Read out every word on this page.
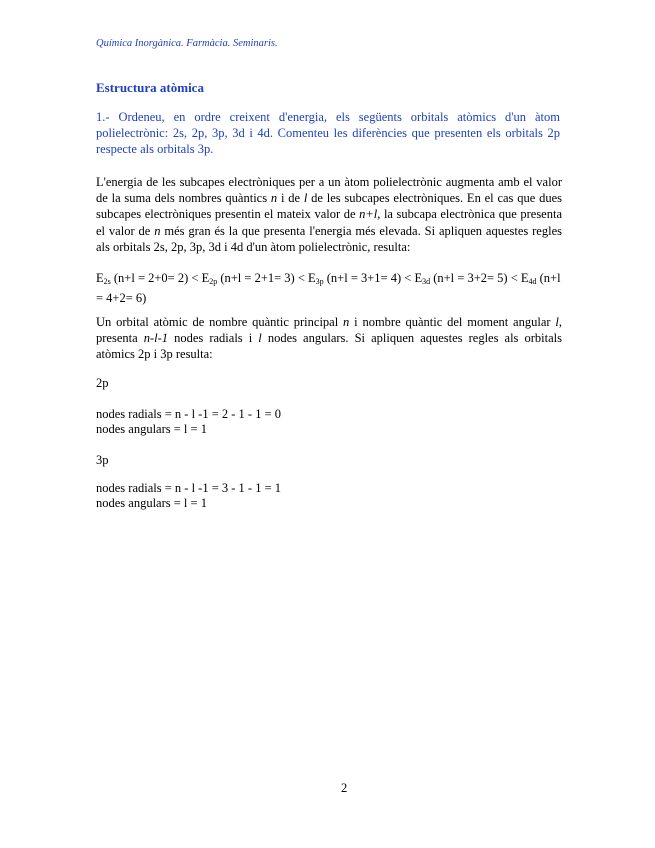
Química Inorgànica. Farmàcia. Seminaris.
Estructura atòmica
1.- Ordeneu, en ordre creixent d'energia, els següents orbitals atòmics d'un àtom polielectrònic: 2s, 2p, 3p, 3d i 4d. Comenteu les diferències que presenten els orbitals 2p respecte als orbitals 3p.
L'energia de les subcapes electròniques per a un àtom polielectrònic augmenta amb el valor de la suma dels nombres quàntics n i de l de les subcapes electròniques. En el cas que dues subcapes electròniques presentin el mateix valor de n+l, la subcapa electrònica que presenta el valor de n més gran és la que presenta l'energia més elevada. Si apliquen aquestes regles als orbitals 2s, 2p, 3p, 3d i 4d d'un àtom polielectrònic, resulta:
$E_{2s}$ $(n+l = 2+0= 2) < E_{2p}$ $(n+l = 2+1= 3) < E_{3p}$ $(n+l = 3+1= 4) < E_{3d}$ $(n+l = 3+2= 5) < E_{4d}$ (n+l = 4+2= 6)
Un orbital atòmic de nombre quàntic principal n i nombre quàntic del moment angular l, presenta n-l-1 nodes radials i l nodes angulars. Si apliquen aquestes regles als orbitals atòmics 2p i 3p resulta:
2p
nodes radials = n - l -1 = 2 - 1 - 1 = 0
nodes angulars = l = 1
3p
nodes radials = n - l -1 = 3 - 1 - 1 = 1
nodes angulars = l = 1
2
